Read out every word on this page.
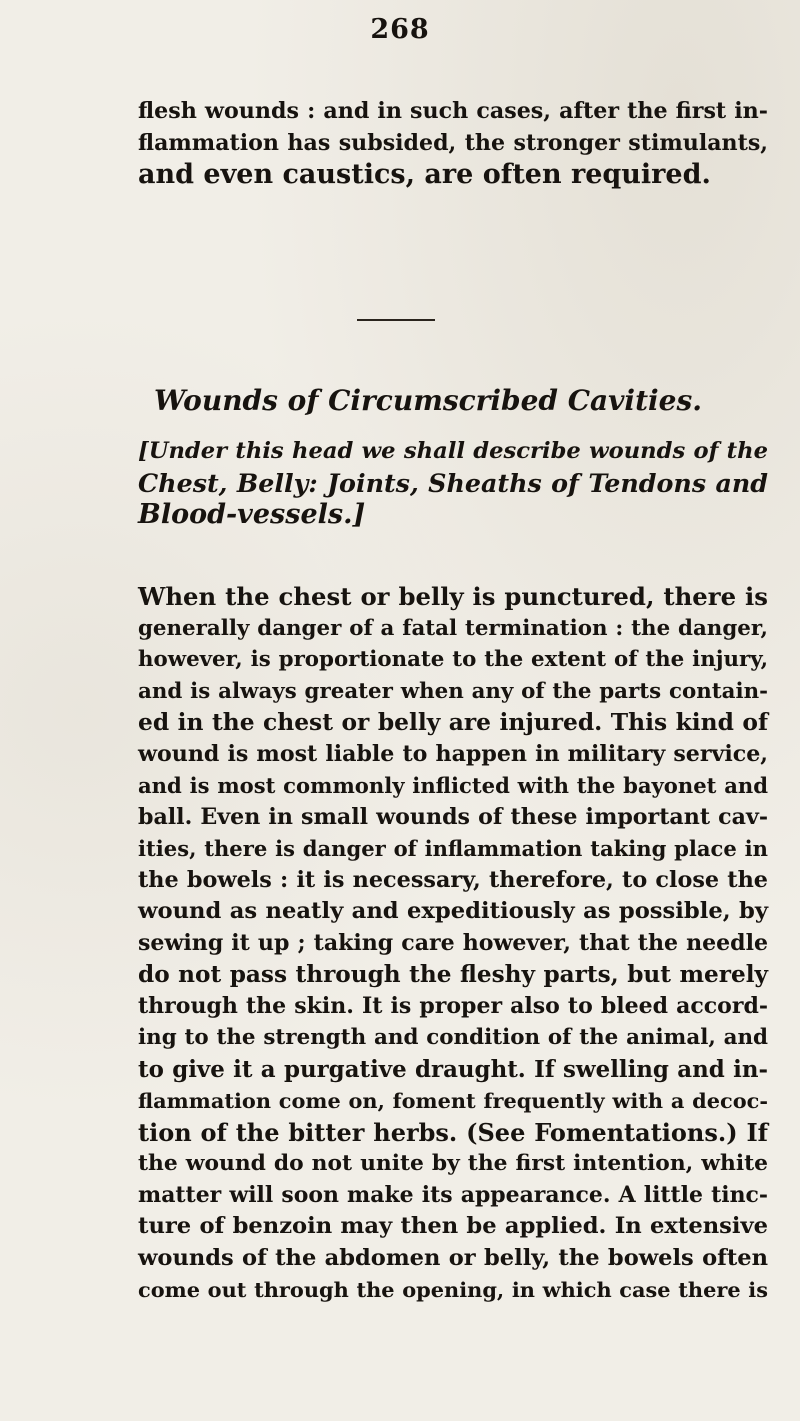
268
flesh wounds : and in such cases, after the first in-
flammation has subsided, the stronger stimulants,
and even caustics, are often required.
Wounds of Circumscribed Cavities.
[Under this head we shall describe wounds of the
Chest, Belly: Joints, Sheaths of Tendons and
Blood-vessels.]
When the chest or belly is punctured, there is
generally danger of a fatal termination : the danger,
however, is proportionate to the extent of the injury,
and is always greater when any of the parts contain-
ed in the chest or belly are injured. This kind of
wound is most liable to happen in military service,
and is most commonly inflicted with the bayonet and
ball. Even in small wounds of these important cav-
ities, there is danger of inflammation taking place in
the bowels : it is necessary, therefore, to close the
wound as neatly and expeditiously as possible, by
sewing it up ; taking care however, that the needle
do not pass through the fleshy parts, but merely
through the skin. It is proper also to bleed accord-
ing to the strength and condition of the animal, and
to give it a purgative draught. If swelling and in-
flammation come on, foment frequently with a decoc-
tion of the bitter herbs. (See Fomentations.) If
the wound do not unite by the first intention, white
matter will soon make its appearance. A little tinc-
ture of benzoin may then be applied. In extensive
wounds of the abdomen or belly, the bowels often
come out through the opening, in which case there is
